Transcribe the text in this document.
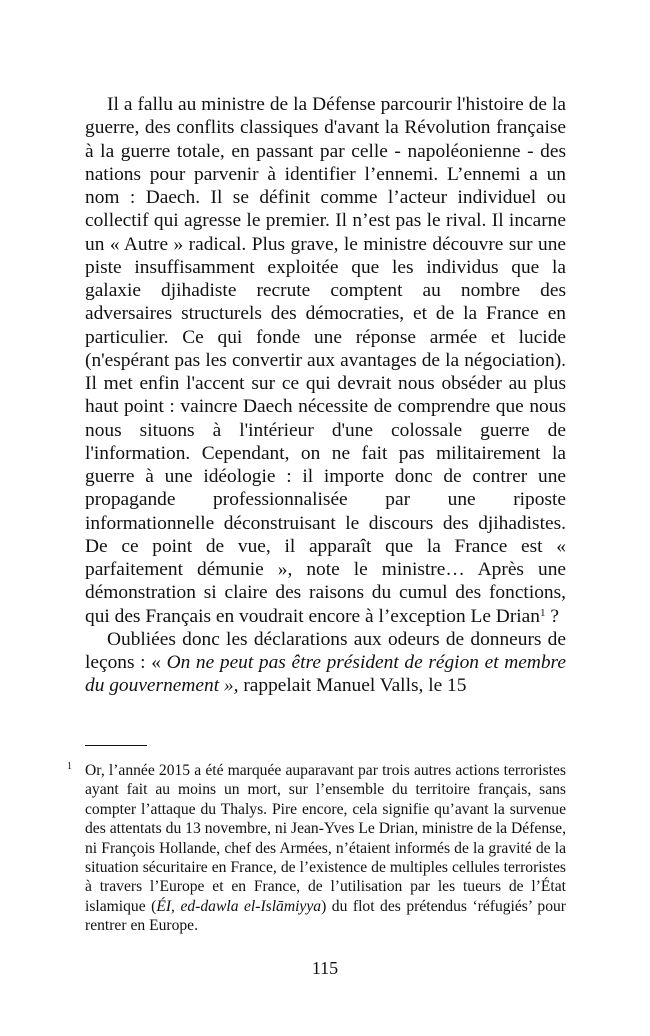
Il a fallu au ministre de la Défense parcourir l'histoire de la guerre, des conflits classiques d'avant la Révolution française à la guerre totale, en passant par celle - napoléonienne - des nations pour parvenir à identifier l’ennemi. L’ennemi a un nom : Daech. Il se définit comme l’acteur individuel ou collectif qui agresse le premier. Il n’est pas le rival. Il incarne un « Autre » radical. Plus grave, le ministre découvre sur une piste insuffisamment exploitée que les individus que la galaxie djihadiste recrute comptent au nombre des adversaires structurels des démocraties, et de la France en particulier. Ce qui fonde une réponse armée et lucide (n'espérant pas les convertir aux avantages de la négociation). Il met enfin l'accent sur ce qui devrait nous obséder au plus haut point : vaincre Daech nécessite de comprendre que nous nous situons à l'intérieur d'une colossale guerre de l'information. Cependant, on ne fait pas militairement la guerre à une idéologie : il importe donc de contrer une propagande professionnalisée par une riposte informationnelle déconstruisant le discours des djihadistes. De ce point de vue, il apparaît que la France est « parfaitement démunie », note le ministre… Après une démonstration si claire des raisons du cumul des fonctions, qui des Français en voudrait encore à l’exception Le Drian$^1$ ?

Oubliées donc les déclarations aux odeurs de donneurs de leçons : « On ne peut pas être président de région et membre du gouvernement », rappelait Manuel Valls, le 15

1 Or, l’année 2015 a été marquée auparavant par trois autres actions terroristes ayant fait au moins un mort, sur l’ensemble du territoire français, sans compter l’attaque du Thalys. Pire encore, cela signifie qu’avant la survenue des attentats du 13 novembre, ni Jean-Yves Le Drian, ministre de la Défense, ni François Hollande, chef des Armées, n’étaient informés de la gravité de la situation sécuritaire en France, de l’existence de multiples cellules terroristes à travers l’Europe et en France, de l’utilisation par les tueurs de l’État islamique (ÉI, ed-dawla el-Islāmiyya) du flot des prétendus ‘réfugiés’ pour rentrer en Europe.
115
